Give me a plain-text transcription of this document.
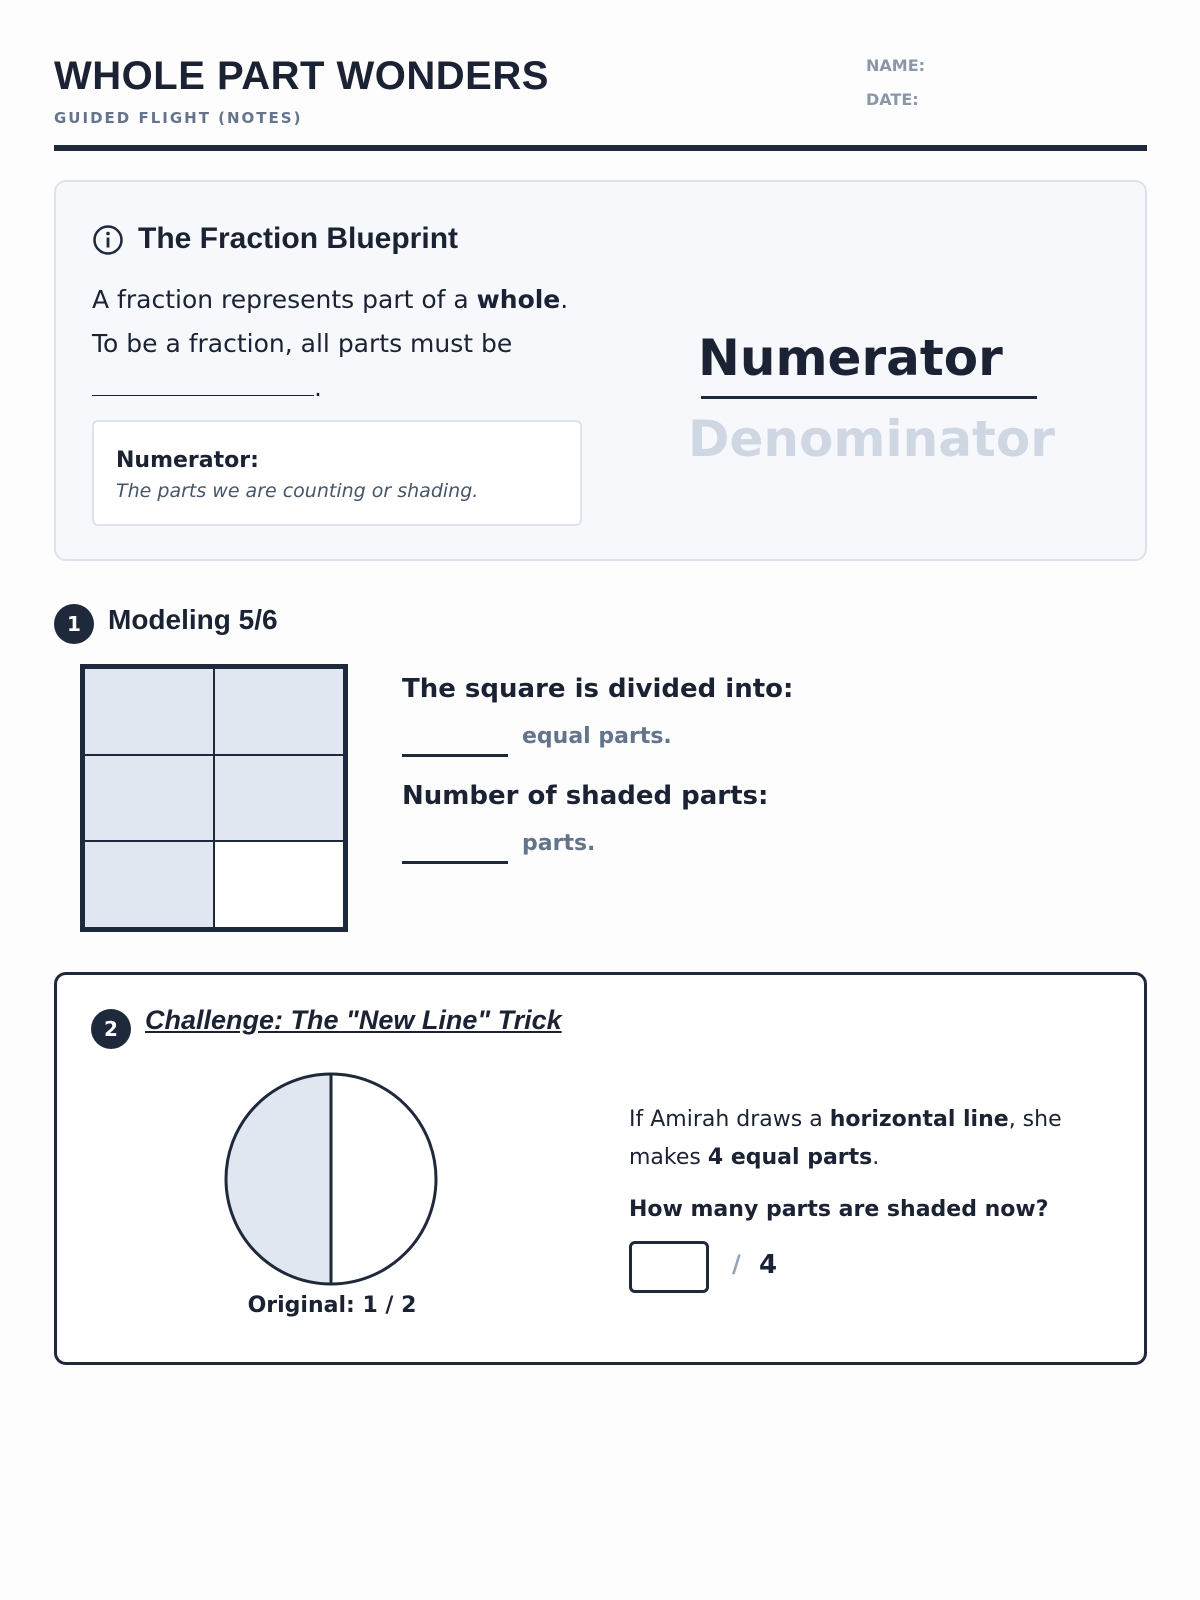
WHOLE PART WONDERS
GUIDED FLIGHT (NOTES)
NAME:
DATE:
The Fraction Blueprint
A fraction represents part of a whole.
To be a fraction, all parts must be
.
Numerator:
The parts we are counting or shading.
Numerator
Denominator
1 Modeling 5/6
The square is divided into:
equal parts.
Number of shaded parts:
parts.
2	Challenge: The "New Line" Trick
Original: 1 / 2
If Amirah draws a horizontal line, she makes 4 equal parts.
How many parts are shaded now?
/ 4
